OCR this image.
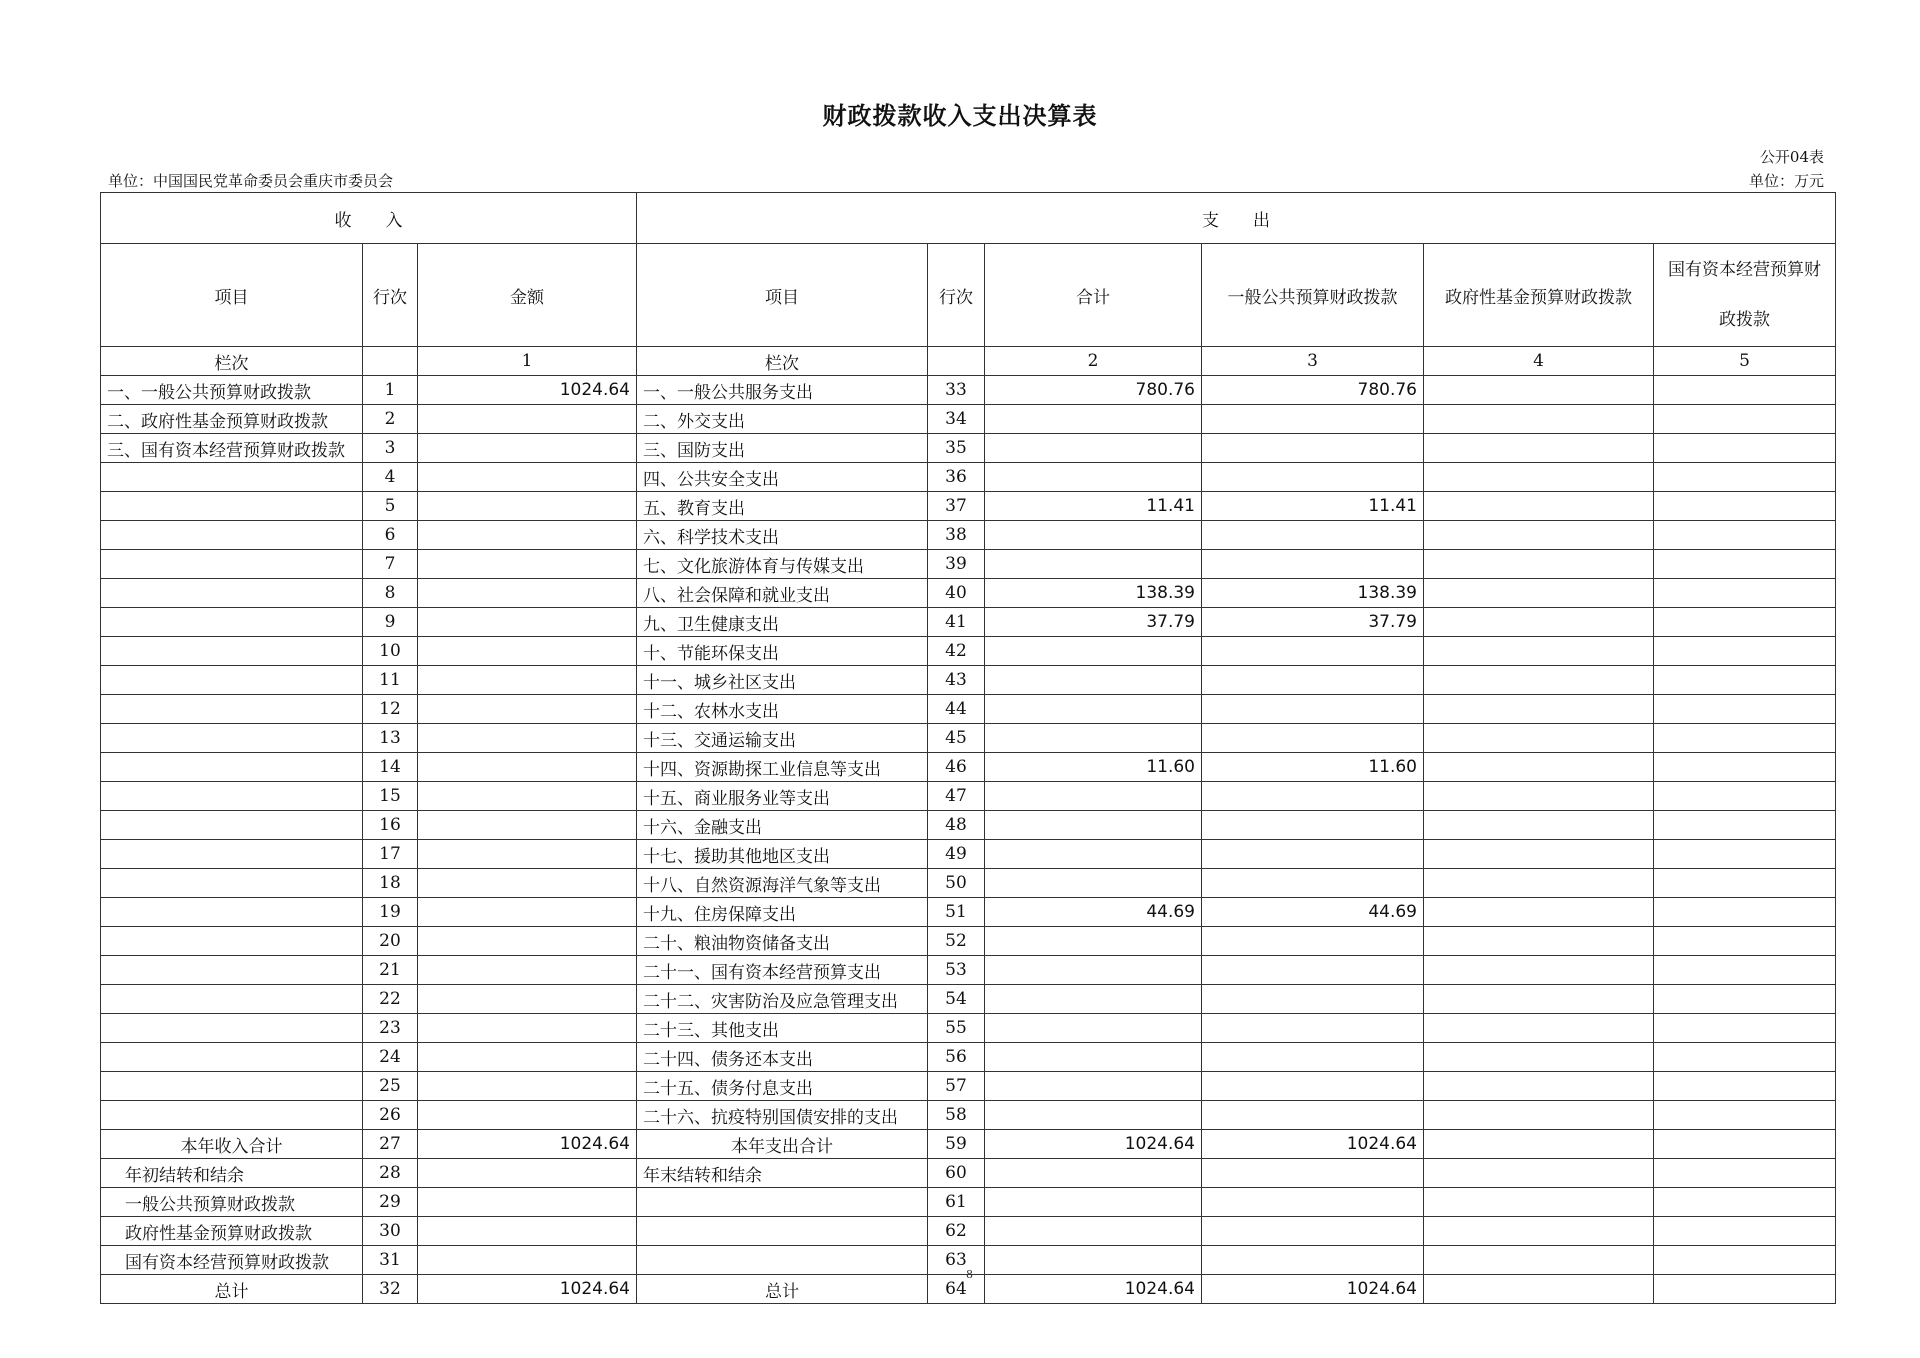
财政拨款收入支出决算表
公开04表
单位：中国国民党革命委员会重庆市委员会	单位：万元
收　　入			支　　出					
项目	行次	金额	项目	行次	合计	一般公共预算财政拨款	政府性基金预算财政拨款	国有资本经营预算财政拨款
栏次		1	栏次		2	3	4	5
一、一般公共预算财政拨款	1	1024.64	一、一般公共服务支出	33	780.76	780.76		
二、政府性基金预算财政拨款	2		二、外交支出	34				
三、国有资本经营预算财政拨款	3		三、国防支出	35				
	4		四、公共安全支出	36				
	5		五、教育支出	37	11.41	11.41		
	6		六、科学技术支出	38				
	7		七、文化旅游体育与传媒支出	39				
	8		八、社会保障和就业支出	40	138.39	138.39		
	9		九、卫生健康支出	41	37.79	37.79		
	10		十、节能环保支出	42				
	11		十一、城乡社区支出	43				
	12		十二、农林水支出	44				
	13		十三、交通运输支出	45				
	14		十四、资源勘探工业信息等支出	46	11.60	11.60		
	15		十五、商业服务业等支出	47				
	16		十六、金融支出	48				
	17		十七、援助其他地区支出	49				
	18		十八、自然资源海洋气象等支出	50				
	19		十九、住房保障支出	51	44.69	44.69		
	20		二十、粮油物资储备支出	52				
	21		二十一、国有资本经营预算支出	53				
	22		二十二、灾害防治及应急管理支出	54				
	23		二十三、其他支出	55				
	24		二十四、债务还本支出	56				
	25		二十五、债务付息支出	57				
	26		二十六、抗疫特别国债安排的支出	58				
本年收入合计	27	1024.64	本年支出合计	59	1024.64	1024.64		
年初结转和结余	28		年末结转和结余	60				
一般公共预算财政拨款	29			61				
政府性基金预算财政拨款	30			62				
国有资本经营预算财政拨款	31			63				
总计	32	1024.64	总计	64	1024.64	1024.64		
8
